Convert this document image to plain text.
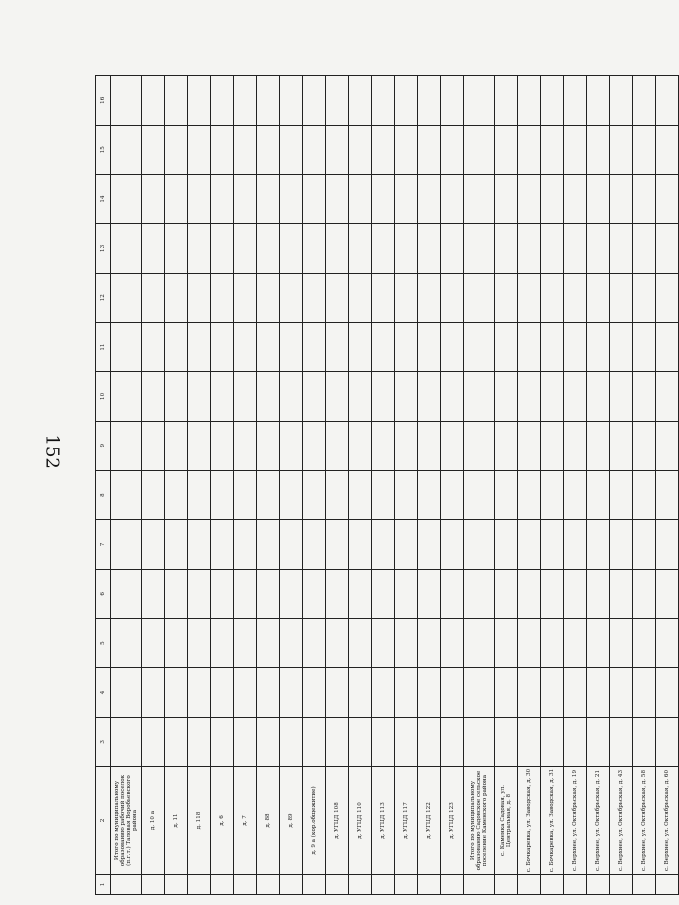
152
1	2	3	4	5	6	7	8	9	10	11	12	13	14	15	16
	Итого по муниципальному образованию рабочий поселок (п.г.т.) Таловая Воробьевского района														
	д. 10 а														
	д. 11														
	д. 118														
	д. 6														
	д. 7														
	д. 88														
	д. 89														
	д. 9 а (кор.общежитие)														
	д. УГЦД 108														
	д. УГЦД 110														
	д. УГЦД 113														
	д. УГЦД 117														
	д. УГЦД 122														
	д. УГЦД 123														
	Итого по муниципальному образованию Садовское сельское поселение Каменского района														
	с. Каменка Садовая, ул. Центральная, д. 8														
	с. Бочкаревка, ул. Заводская, д. 30														
	с. Бочкаревка, ул. Заводская, д. 31														
	с. Верхнее, ул. Октябрьская, д. 19														
	с. Верхнее, ул. Октябрьская, д. 21														
	с. Верхнее, ул. Октябрьская, д. 43														
	с. Верхнее, ул. Октябрьская, д. 58														
	с. Верхнее, ул. Октябрьская, д. 60														
